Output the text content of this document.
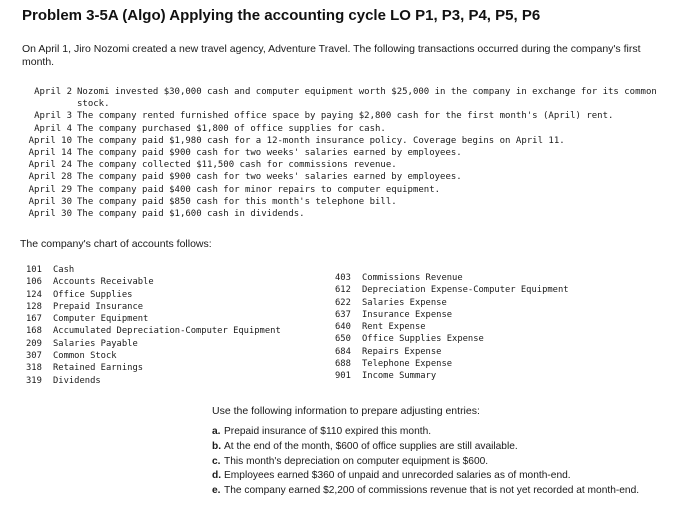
Problem 3-5A (Algo) Applying the accounting cycle LO P1, P3, P4, P5, P6
On April 1, Jiro Nozomi created a new travel agency, Adventure Travel. The following transactions occurred during the company's first
month.
April 2 Nozomi invested $30,000 cash and computer equipment worth $25,000 in the company in exchange for its common
stock.
April 3 The company rented furnished office space by paying $2,800 cash for the first month's (April) rent.
April 4 The company purchased $1,800 of office supplies for cash.
April 10 The company paid $1,980 cash for a 12-month insurance policy. Coverage begins on April 11.
April 14 The company paid $900 cash for two weeks' salaries earned by employees.
April 24 The company collected $11,500 cash for commissions revenue.
April 28 The company paid $900 cash for two weeks' salaries earned by employees.
April 29 The company paid $400 cash for minor repairs to computer equipment.
April 30 The company paid $850 cash for this month's telephone bill.
April 30 The company paid $1,600 cash in dividends.
The company's chart of accounts follows:
101 Cash
106 Accounts Receivable
124 Office Supplies
128 Prepaid Insurance
167 Computer Equipment
168 Accumulated Depreciation-Computer Equipment
209 Salaries Payable
307 Common Stock
318 Retained Earnings
319 Dividends
403 Commissions Revenue
612 Depreciation Expense-Computer Equipment
622 Salaries Expense
637 Insurance Expense
640 Rent Expense
650 Office Supplies Expense
684 Repairs Expense
688 Telephone Expense
901 Income Summary
Use the following information to prepare adjusting entries:
a. Prepaid insurance of $110 expired this month.
b. At the end of the month, $600 of office supplies are still available.
c. This month's depreciation on computer equipment is $600.
d. Employees earned $360 of unpaid and unrecorded salaries as of month-end.
e. The company earned $2,200 of commissions revenue that is not yet recorded at month-end.
